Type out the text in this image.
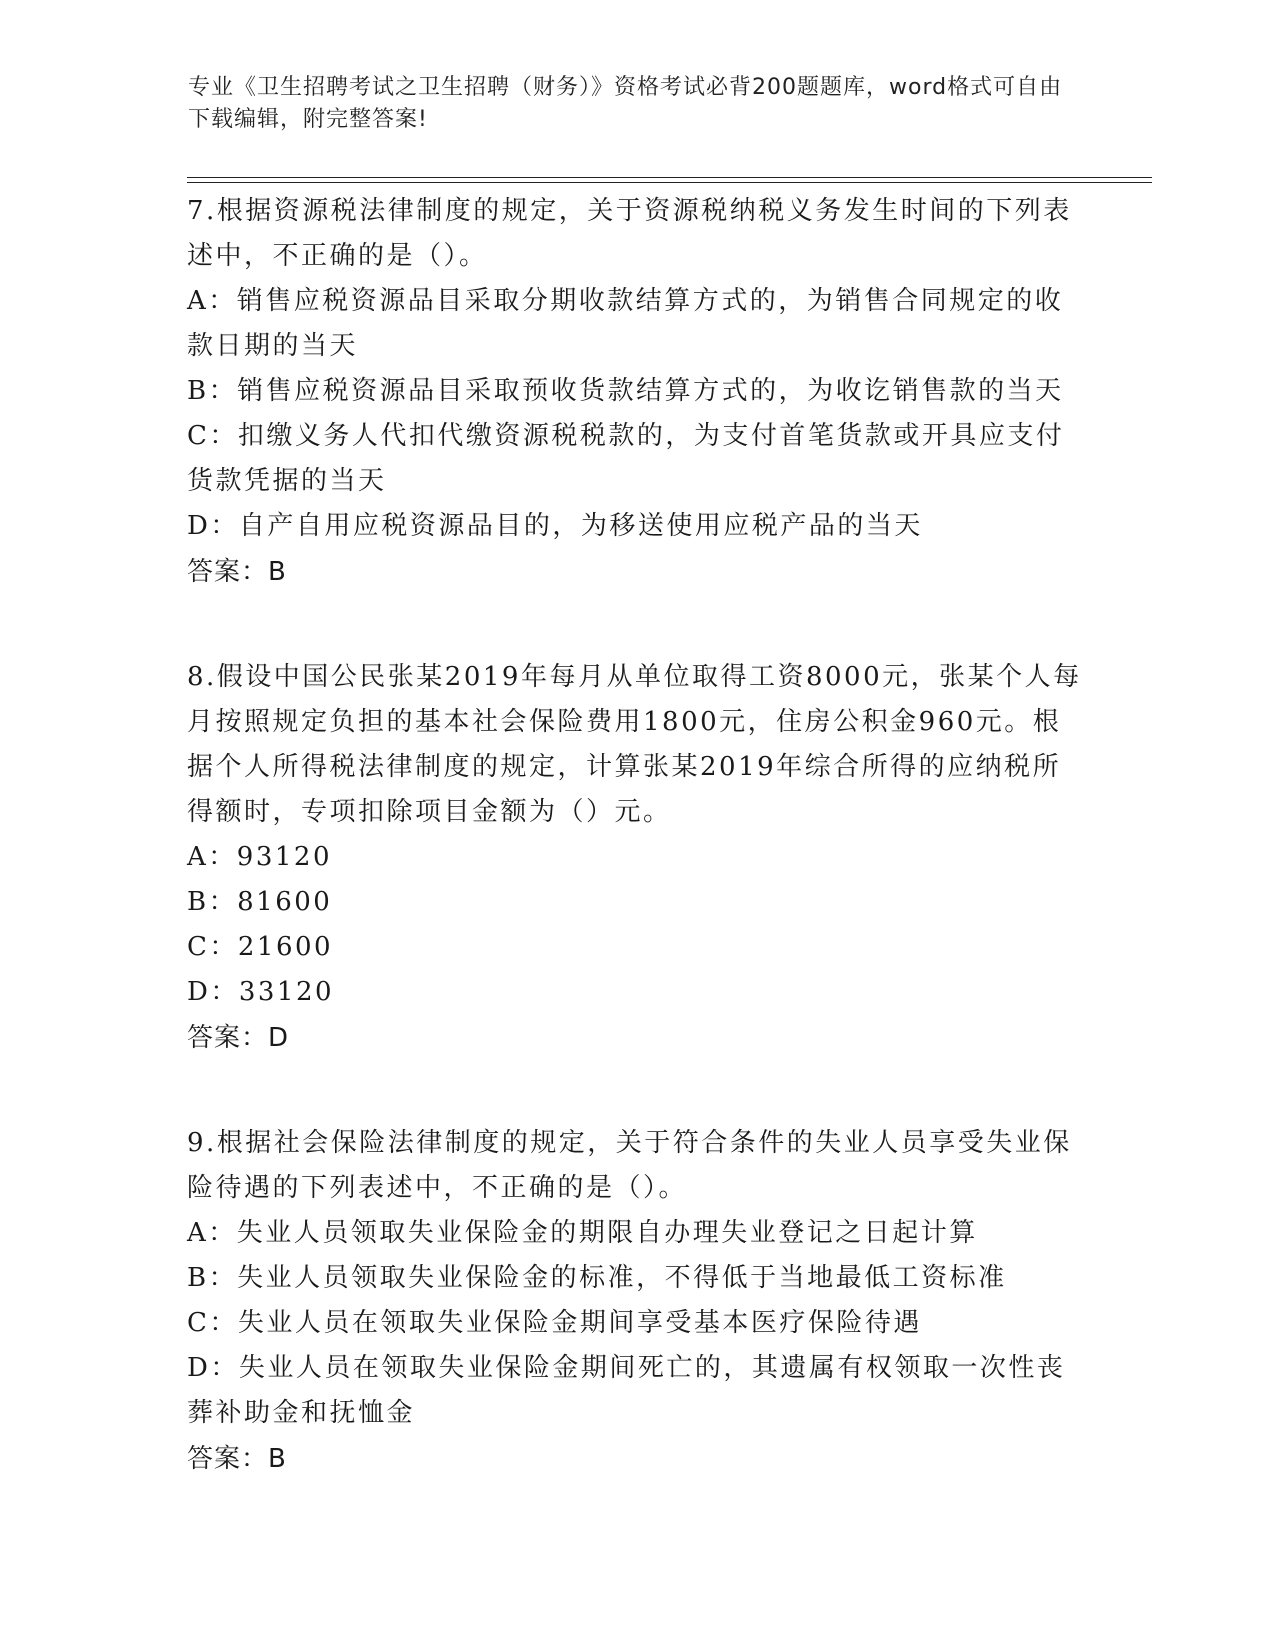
专业《卫生招聘考试之卫生招聘（财务）》资格考试必背200题题库，word格式可自由下载编辑，附完整答案!

7.根据资源税法律制度的规定，关于资源税纳税义务发生时间的下列表述中，不正确的是（）。

A：销售应税资源品目采取分期收款结算方式的，为销售合同规定的收款日期的当天

B：销售应税资源品目采取预收货款结算方式的，为收讫销售款的当天

C：扣缴义务人代扣代缴资源税税款的，为支付首笔货款或开具应支付货款凭据的当天

D：自产自用应税资源品目的，为移送使用应税产品的当天

答案：B

8.假设中国公民张某2019年每月从单位取得工资8000元，张某个人每月按照规定负担的基本社会保险费用1800元，住房公积金960元。根据个人所得税法律制度的规定，计算张某2019年综合所得的应纳税所得额时，专项扣除项目金额为（）元。

A：93120

B：81600

C：21600

D：33120

答案：D

9.根据社会保险法律制度的规定，关于符合条件的失业人员享受失业保险待遇的下列表述中，不正确的是（）。

A：失业人员领取失业保险金的期限自办理失业登记之日起计算

B：失业人员领取失业保险金的标准，不得低于当地最低工资标准

C：失业人员在领取失业保险金期间享受基本医疗保险待遇

D：失业人员在领取失业保险金期间死亡的，其遗属有权领取一次性丧葬补助金和抚恤金

答案：B
